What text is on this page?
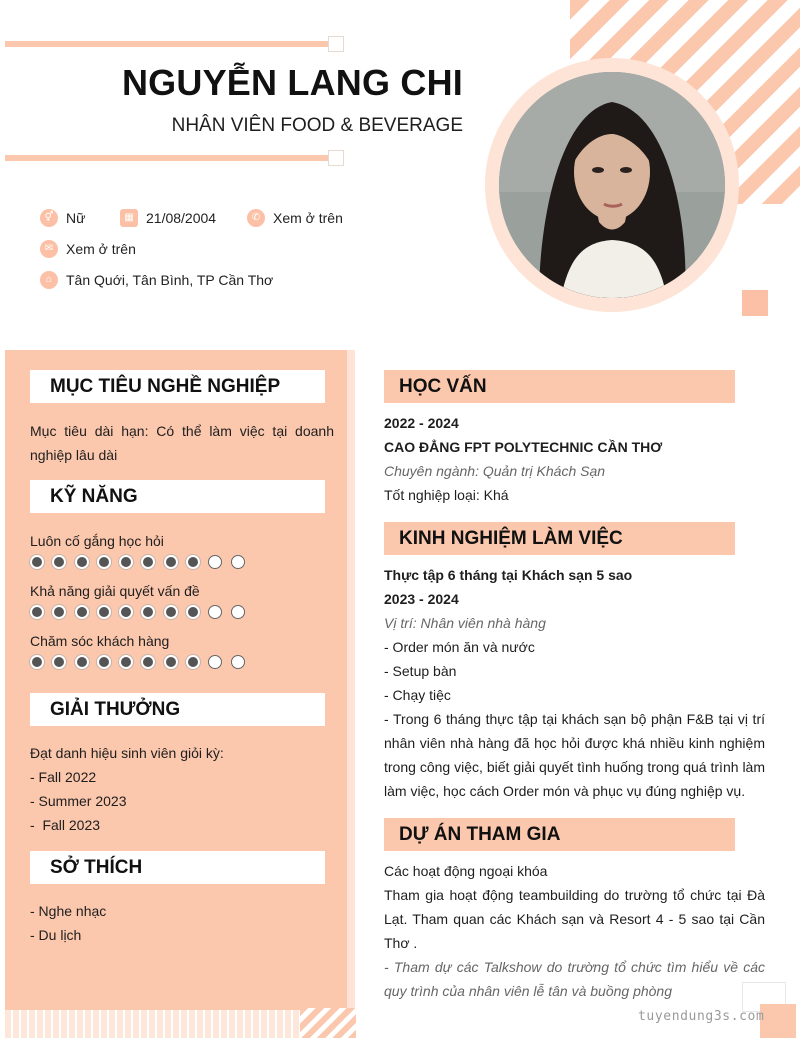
NGUYỄN LANG CHI
NHÂN VIÊN FOOD & BEVERAGE
⚥ Nữ	▦ 21/08/2004	✆ Xem ở trên
✉ Xem ở trên
⌂ Tân Quới, Tân Bình, TP Cần Thơ
MỤC TIÊU NGHỀ NGHIỆP
Mục tiêu dài hạn: Có thể làm việc tại doanh nghiệp lâu dài
KỸ NĂNG
Luôn cố gắng học hỏi
Khả năng giải quyết vấn đề
Chăm sóc khách hàng
GIẢI THƯỞNG
Đạt danh hiệu sinh viên giỏi kỳ:
- Fall 2022
- Summer 2023
-  Fall 2023
SỞ THÍCH
- Nghe nhạc
- Du lịch
HỌC VẤN
2022 - 2024
CAO ĐẲNG FPT POLYTECHNIC CẦN THƠ
Chuyên ngành: Quản trị Khách Sạn
Tốt nghiệp loại: Khá
KINH NGHIỆM LÀM VIỆC
Thực tập 6 tháng tại Khách sạn 5 sao
2023 - 2024
Vị trí: Nhân viên nhà hàng
- Order món ăn và nước
- Setup bàn
- Chạy tiệc
- Trong 6 tháng thực tập tại khách sạn bộ phận F&B tại vị trí nhân viên nhà hàng đã học hỏi được khá nhiều kinh nghiệm trong công việc, biết giải quyết tình huống trong quá trình làm làm việc, học cách Order món và phục vụ đúng nghiệp vụ.
DỰ ÁN THAM GIA
Các hoạt động ngoại khóa
Tham gia hoạt động teambuilding do trường tổ chức tại Đà Lạt. Tham quan các Khách sạn và Resort 4 - 5 sao tại Cần Thơ .
- Tham dự các Talkshow do trường tổ chức tìm hiểu về các quy trình của nhân viên lễ tân và buồng phòng
tuyendung3s.com
